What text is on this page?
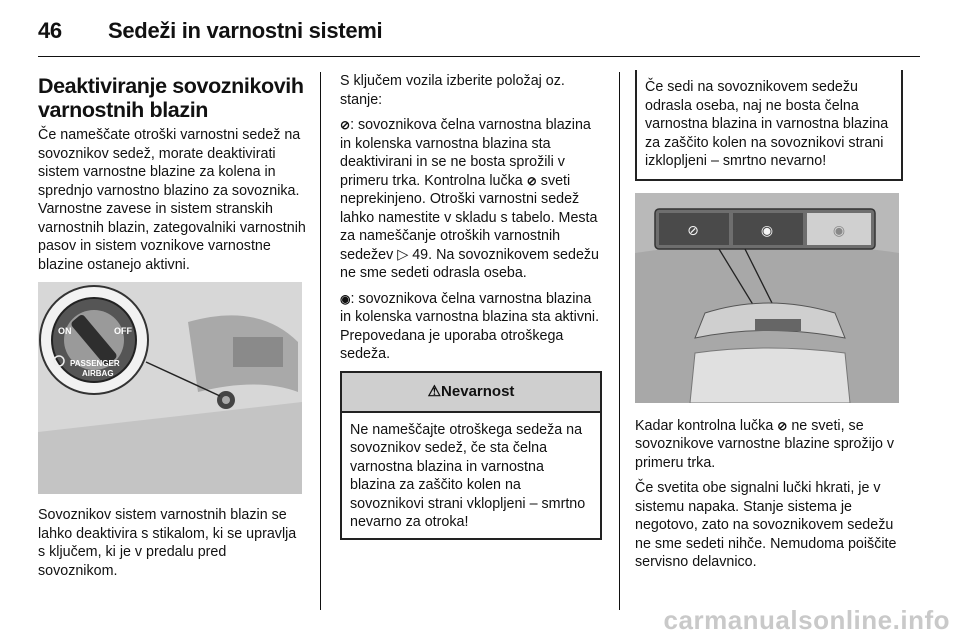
46 Sedeži in varnostni sistemi
Deaktiviranje sovoznikovih varnostnih blazin

Če nameščate otroški varnostni sedež na sovoznikov sedež, morate deaktivirati sistem varnostne blazine za kolena in sprednjo varnostno blazino za sovoznika. Varnostne zavese in sistem stranskih varnostnih blazin, zategovalniki varnostnih pasov in sistem voznikove varnostne blazine ostanejo aktivni.

ON	OFF
PASSENGER
AIRBAG

Sovoznikov sistem varnostnih blazin se lahko deaktivira s stikalom, ki se upravlja s ključem, ki je v predalu pred sovoznikom.

S ključem vozila izberite položaj oz. stanje:

⊘: sovoznikova čelna varnostna blazina in kolenska varnostna blazina sta deaktivirani in se ne bosta sprožili v primeru trka. Kontrolna lučka ⊘ sveti neprekinjeno. Otroški varnostni sedež lahko namestite v skladu s tabelo. Mesta za nameščanje otroških varnostnih sedežev ▷ 49. Na sovoznikovem sedežu ne sme sedeti odrasla oseba.

◉: sovoznikova čelna varnostna blazina in kolenska varnostna blazina sta aktivni. Prepovedana je uporaba otroškega sedeža.

⚠Nevarnost

Ne nameščajte otroškega sedeža na sovoznikov sedež, če sta čelna varnostna blazina in varnostna blazina za zaščito kolen na sovoznikovi strani vklopljeni – smrtno nevarno za otroka!

Če sedi na sovoznikovem sedežu odrasla oseba, naj ne bosta čelna varnostna blazina in varnostna blazina za zaščito kolen na sovoznikovi strani izklopljeni – smrtno nevarno!

⊘	◉	◉

Kadar kontrolna lučka ⊘ ne sveti, se sovoznikove varnostne blazine sprožijo v primeru trka.

Če svetita obe signalni lučki hkrati, je v sistemu napaka. Stanje sistema je negotovo, zato na sovoznikovem sedežu ne sme sedeti nihče. Nemudoma poiščite servisno delavnico.

carmanualsonline.info
